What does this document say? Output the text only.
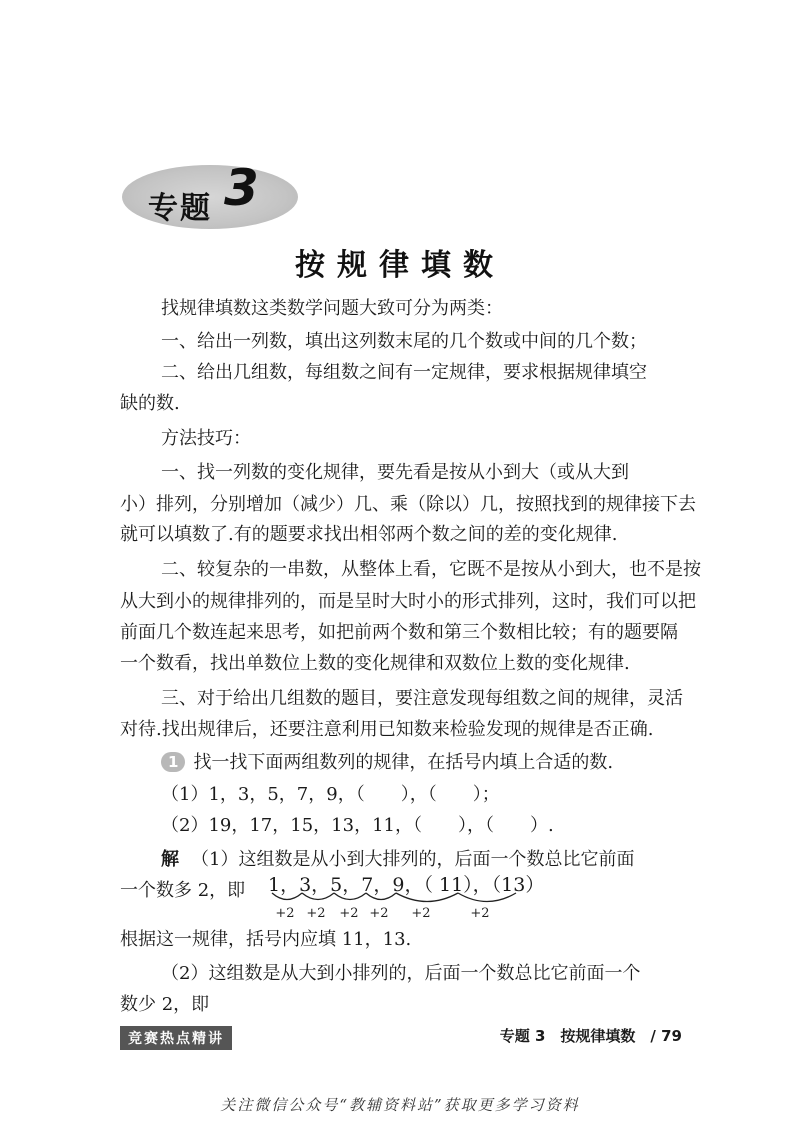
专题 3
按规律填数
找规律填数这类数学问题大致可分为两类：
一、给出一列数，填出这列数末尾的几个数或中间的几个数；
二、给出几组数，每组数之间有一定规律，要求根据规律填空
缺的数.
方法技巧：
一、找一列数的变化规律，要先看是按从小到大（或从大到
小）排列，分别增加（减少）几、乘（除以）几，按照找到的规律接下去
就可以填数了.有的题要求找出相邻两个数之间的差的变化规律.
二、较复杂的一串数，从整体上看，它既不是按从小到大，也不是按
从大到小的规律排列的，而是呈时大时小的形式排列，这时，我们可以把
前面几个数连起来思考，如把前两个数和第三个数相比较；有的题要隔
一个数看，找出单数位上数的变化规律和双数位上数的变化规律.
三、对于给出几组数的题目，要注意发现每组数之间的规律，灵活
对待.找出规律后，还要注意利用已知数来检验发现的规律是否正确.
1 找一找下面两组数列的规律，在括号内填上合适的数.
（1）1，3，5，7，9，（　　），（　　）；
（2）19，17，15，13，11，（　　），（　　）.
解 （1）这组数是从小到大排列的，后面一个数总比它前面
一个数多 2，即 1，3，5，7，9，（ 11），（13）
+2 +2 +2 +2 +2	+2
根据这一规律，括号内应填 11，13.
（2）这组数是从大到小排列的，后面一个数总比它前面一个
数少 2，即
竞赛热点精讲	专题 3　按规律填数　/ 79
关注微信公众号“教辅资料站”获取更多学习资料
